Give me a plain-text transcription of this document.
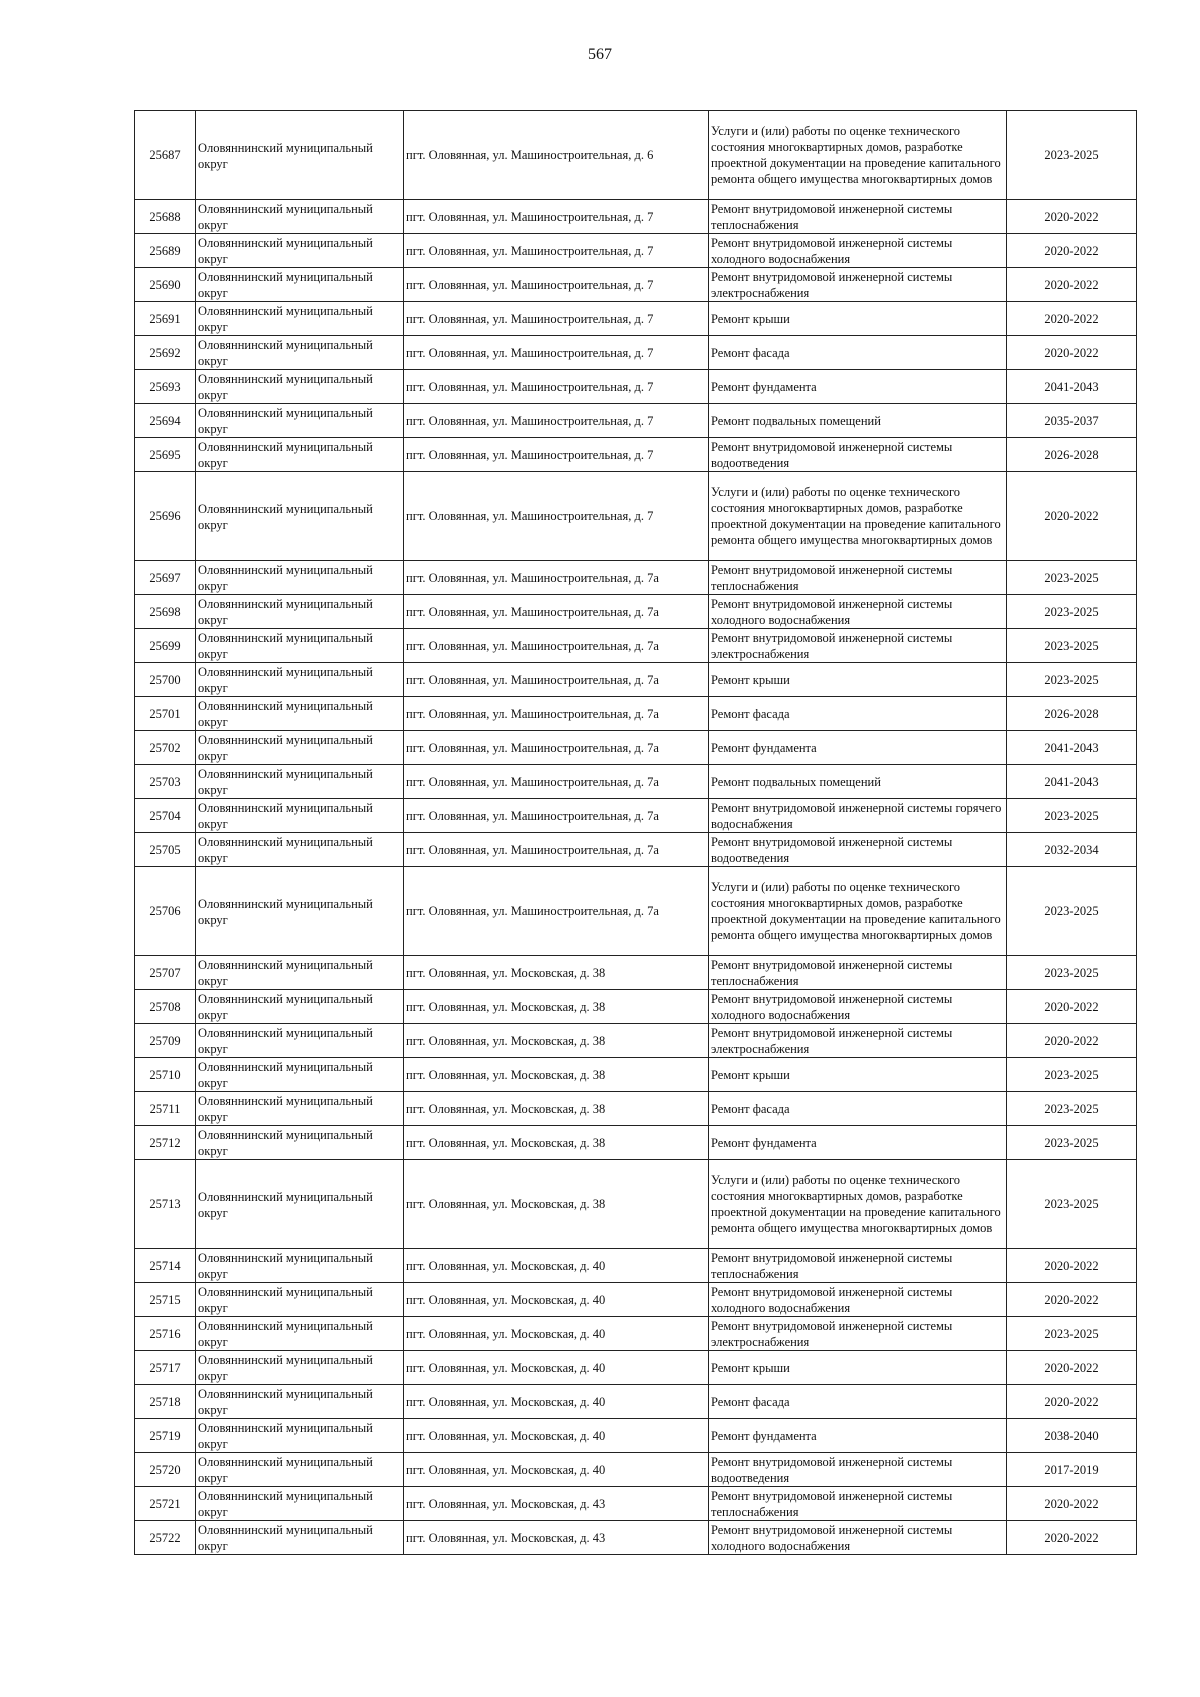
567
25687	Оловяннинский муниципальный округ	пгт. Оловянная, ул. Машиностроительная, д. 6	Услуги и (или) работы по оценке технического состояния многоквартирных домов, разработке проектной документации на проведение капитального ремонта общего имущества многоквартирных домов	2023-2025
25688	Оловяннинский муниципальный округ	пгт. Оловянная, ул. Машиностроительная, д. 7	Ремонт внутридомовой инженерной системы теплоснабжения	2020-2022
25689	Оловяннинский муниципальный округ	пгт. Оловянная, ул. Машиностроительная, д. 7	Ремонт внутридомовой инженерной системы холодного водоснабжения	2020-2022
25690	Оловяннинский муниципальный округ	пгт. Оловянная, ул. Машиностроительная, д. 7	Ремонт внутридомовой инженерной системы электроснабжения	2020-2022
25691	Оловяннинский муниципальный округ	пгт. Оловянная, ул. Машиностроительная, д. 7	Ремонт крыши	2020-2022
25692	Оловяннинский муниципальный округ	пгт. Оловянная, ул. Машиностроительная, д. 7	Ремонт фасада	2020-2022
25693	Оловяннинский муниципальный округ	пгт. Оловянная, ул. Машиностроительная, д. 7	Ремонт фундамента	2041-2043
25694	Оловяннинский муниципальный округ	пгт. Оловянная, ул. Машиностроительная, д. 7	Ремонт подвальных помещений	2035-2037
25695	Оловяннинский муниципальный округ	пгт. Оловянная, ул. Машиностроительная, д. 7	Ремонт внутридомовой инженерной системы водоотведения	2026-2028
25696	Оловяннинский муниципальный округ	пгт. Оловянная, ул. Машиностроительная, д. 7	Услуги и (или) работы по оценке технического состояния многоквартирных домов, разработке проектной документации на проведение капитального ремонта общего имущества многоквартирных домов	2020-2022
25697	Оловяннинский муниципальный округ	пгт. Оловянная, ул. Машиностроительная, д. 7а	Ремонт внутридомовой инженерной системы теплоснабжения	2023-2025
25698	Оловяннинский муниципальный округ	пгт. Оловянная, ул. Машиностроительная, д. 7а	Ремонт внутридомовой инженерной системы холодного водоснабжения	2023-2025
25699	Оловяннинский муниципальный округ	пгт. Оловянная, ул. Машиностроительная, д. 7а	Ремонт внутридомовой инженерной системы электроснабжения	2023-2025
25700	Оловяннинский муниципальный округ	пгт. Оловянная, ул. Машиностроительная, д. 7а	Ремонт крыши	2023-2025
25701	Оловяннинский муниципальный округ	пгт. Оловянная, ул. Машиностроительная, д. 7а	Ремонт фасада	2026-2028
25702	Оловяннинский муниципальный округ	пгт. Оловянная, ул. Машиностроительная, д. 7а	Ремонт фундамента	2041-2043
25703	Оловяннинский муниципальный округ	пгт. Оловянная, ул. Машиностроительная, д. 7а	Ремонт подвальных помещений	2041-2043
25704	Оловяннинский муниципальный округ	пгт. Оловянная, ул. Машиностроительная, д. 7а	Ремонт внутридомовой инженерной системы горячего водоснабжения	2023-2025
25705	Оловяннинский муниципальный округ	пгт. Оловянная, ул. Машиностроительная, д. 7а	Ремонт внутридомовой инженерной системы водоотведения	2032-2034
25706	Оловяннинский муниципальный округ	пгт. Оловянная, ул. Машиностроительная, д. 7а	Услуги и (или) работы по оценке технического состояния многоквартирных домов, разработке проектной документации на проведение капитального ремонта общего имущества многоквартирных домов	2023-2025
25707	Оловяннинский муниципальный округ	пгт. Оловянная, ул. Московская, д. 38	Ремонт внутридомовой инженерной системы теплоснабжения	2023-2025
25708	Оловяннинский муниципальный округ	пгт. Оловянная, ул. Московская, д. 38	Ремонт внутридомовой инженерной системы холодного водоснабжения	2020-2022
25709	Оловяннинский муниципальный округ	пгт. Оловянная, ул. Московская, д. 38	Ремонт внутридомовой инженерной системы электроснабжения	2020-2022
25710	Оловяннинский муниципальный округ	пгт. Оловянная, ул. Московская, д. 38	Ремонт крыши	2023-2025
25711	Оловяннинский муниципальный округ	пгт. Оловянная, ул. Московская, д. 38	Ремонт фасада	2023-2025
25712	Оловяннинский муниципальный округ	пгт. Оловянная, ул. Московская, д. 38	Ремонт фундамента	2023-2025
25713	Оловяннинский муниципальный округ	пгт. Оловянная, ул. Московская, д. 38	Услуги и (или) работы по оценке технического состояния многоквартирных домов, разработке проектной документации на проведение капитального ремонта общего имущества многоквартирных домов	2023-2025
25714	Оловяннинский муниципальный округ	пгт. Оловянная, ул. Московская, д. 40	Ремонт внутридомовой инженерной системы теплоснабжения	2020-2022
25715	Оловяннинский муниципальный округ	пгт. Оловянная, ул. Московская, д. 40	Ремонт внутридомовой инженерной системы холодного водоснабжения	2020-2022
25716	Оловяннинский муниципальный округ	пгт. Оловянная, ул. Московская, д. 40	Ремонт внутридомовой инженерной системы электроснабжения	2023-2025
25717	Оловяннинский муниципальный округ	пгт. Оловянная, ул. Московская, д. 40	Ремонт крыши	2020-2022
25718	Оловяннинский муниципальный округ	пгт. Оловянная, ул. Московская, д. 40	Ремонт фасада	2020-2022
25719	Оловяннинский муниципальный округ	пгт. Оловянная, ул. Московская, д. 40	Ремонт фундамента	2038-2040
25720	Оловяннинский муниципальный округ	пгт. Оловянная, ул. Московская, д. 40	Ремонт внутридомовой инженерной системы водоотведения	2017-2019
25721	Оловяннинский муниципальный округ	пгт. Оловянная, ул. Московская, д. 43	Ремонт внутридомовой инженерной системы теплоснабжения	2020-2022
25722	Оловяннинский муниципальный округ	пгт. Оловянная, ул. Московская, д. 43	Ремонт внутридомовой инженерной системы холодного водоснабжения	2020-2022
